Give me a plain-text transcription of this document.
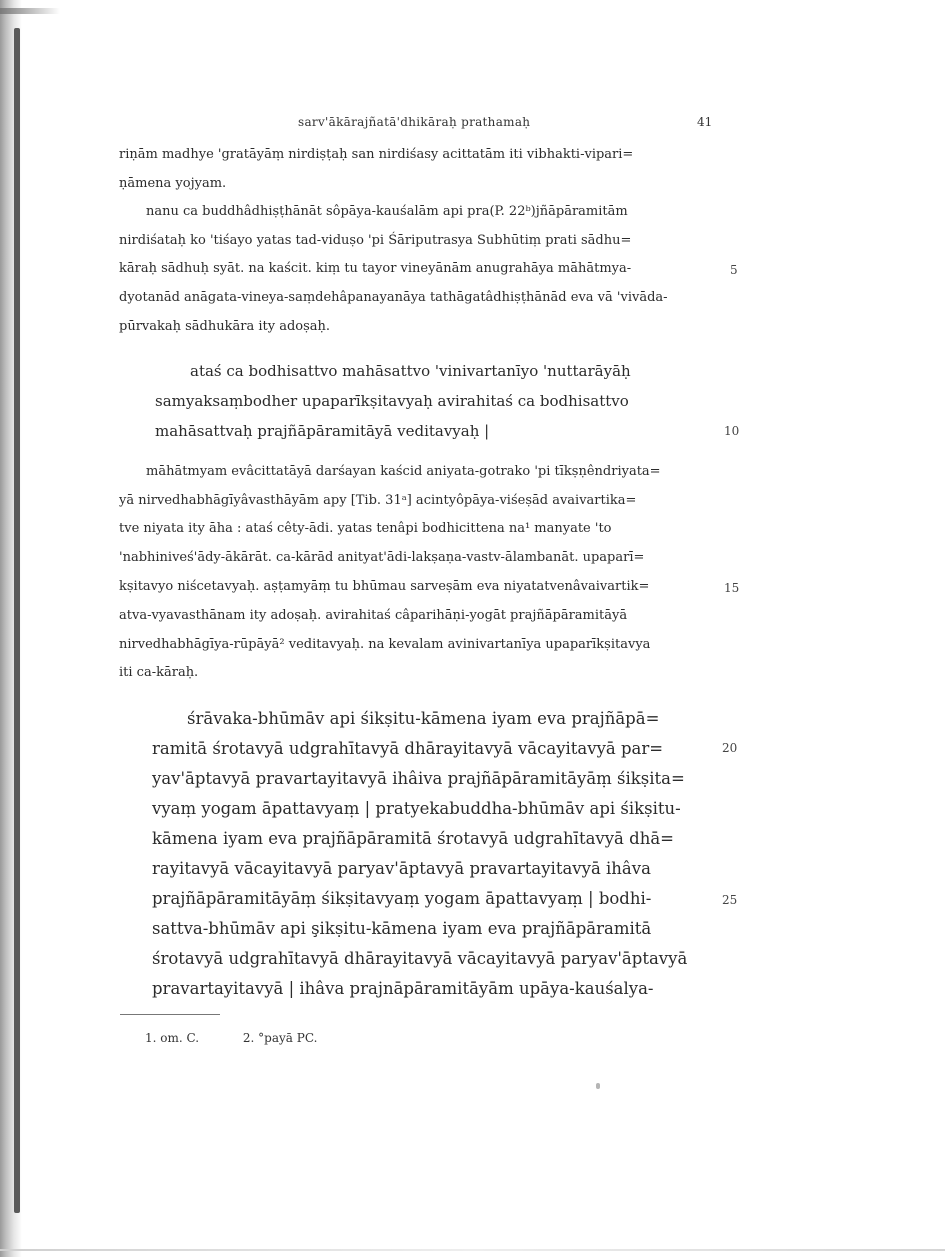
sarv'ākārajñatā'dhikāraḥ prathamaḥ	41
riṇām madhye 'gratāyāṃ nirdiṣṭaḥ san nirdiśasy acittatām iti vibhakti-vipari=
ṇāmena yojyam.
nanu ca buddhâdhiṣṭhānāt sôpāya-kauśalām api pra(P. 22ᵇ)jñāpāramitām
nirdiśataḥ ko 'tiśayo yatas tad-viduṣo 'pi Śāriputrasya Subhūtiṃ prati sādhu=
kāraḥ sādhuḥ syāt. na kaścit. kiṃ tu tayor vineyānām anugrahāya māhātmya-
dyotanād anāgata-vineya-saṃdehâpanayanāya tathāgatâdhiṣṭhānād eva vā 'vivāda-
pūrvakaḥ sādhukāra ity adoṣaḥ.
ataś ca bodhisattvo mahāsattvo 'vinivartanīyo 'nuttarāyāḥ
samyaksaṃbodher upaparīkṣitavyaḥ avirahitaś ca bodhisattvo
mahāsattvaḥ prajñāpāramitāyā veditavyaḥ |
māhātmyam evâcittatāyā darśayan kaścid aniyata-gotrako 'pi tīkṣṇêndriyata=
yā nirvedhabhāgīyâvasthāyām apy [Tib. 31ᵃ] acintyôpāya-viśeṣād avaivartika=
tve niyata ity āha : ataś cêty-ādi. yatas tenâpi bodhicittena na¹ manyate 'to
'nabhiniveś'ādy-ākārāt. ca-kārād anityat'ādi-lakṣaṇa-vastv-ālambanāt. upaparī=
kṣitavyo niścetavyaḥ. aṣṭamyāṃ tu bhūmau sarveṣām eva niyatatvenâvaivartik=
atva-vyavasthānam ity adoṣaḥ. avirahitaś câparihāṇi-yogāt prajñāpāramitāyā
nirvedhabhāgīya-rūpāyā² veditavyaḥ. na kevalam avinivartanīya upaparīkṣitavya
iti ca-kāraḥ.
śrāvaka-bhūmāv api śikṣitu-kāmena iyam eva prajñāpā=
ramitā śrotavyā udgrahītavyā dhārayitavyā vācayitavyā par=
yav'āptavyā pravartayitavyā ihâiva prajñāpāramitāyāṃ śikṣita=
vyaṃ yogam āpattavyaṃ | pratyekabuddha-bhūmāv api śikṣitu-
kāmena iyam eva prajñāpāramitā śrotavyā udgrahītavyā dhā=
rayitavyā vācayitavyā paryav'āptavyā pravartayitavyā ihâva
prajñāpāramitāyāṃ śikṣitavyaṃ yogam āpattavyaṃ | bodhi-
sattva-bhūmāv api şikṣitu-kāmena iyam eva prajñāpāramitā
śrotavyā udgrahītavyā dhārayitavyā vācayitavyā paryav'āptavyā
pravartayitavyā | ihâva prajnāpāramitāyām upāya-kauśalya-
5
10
15
20
25
1. om. C.	2. °payā PC.
